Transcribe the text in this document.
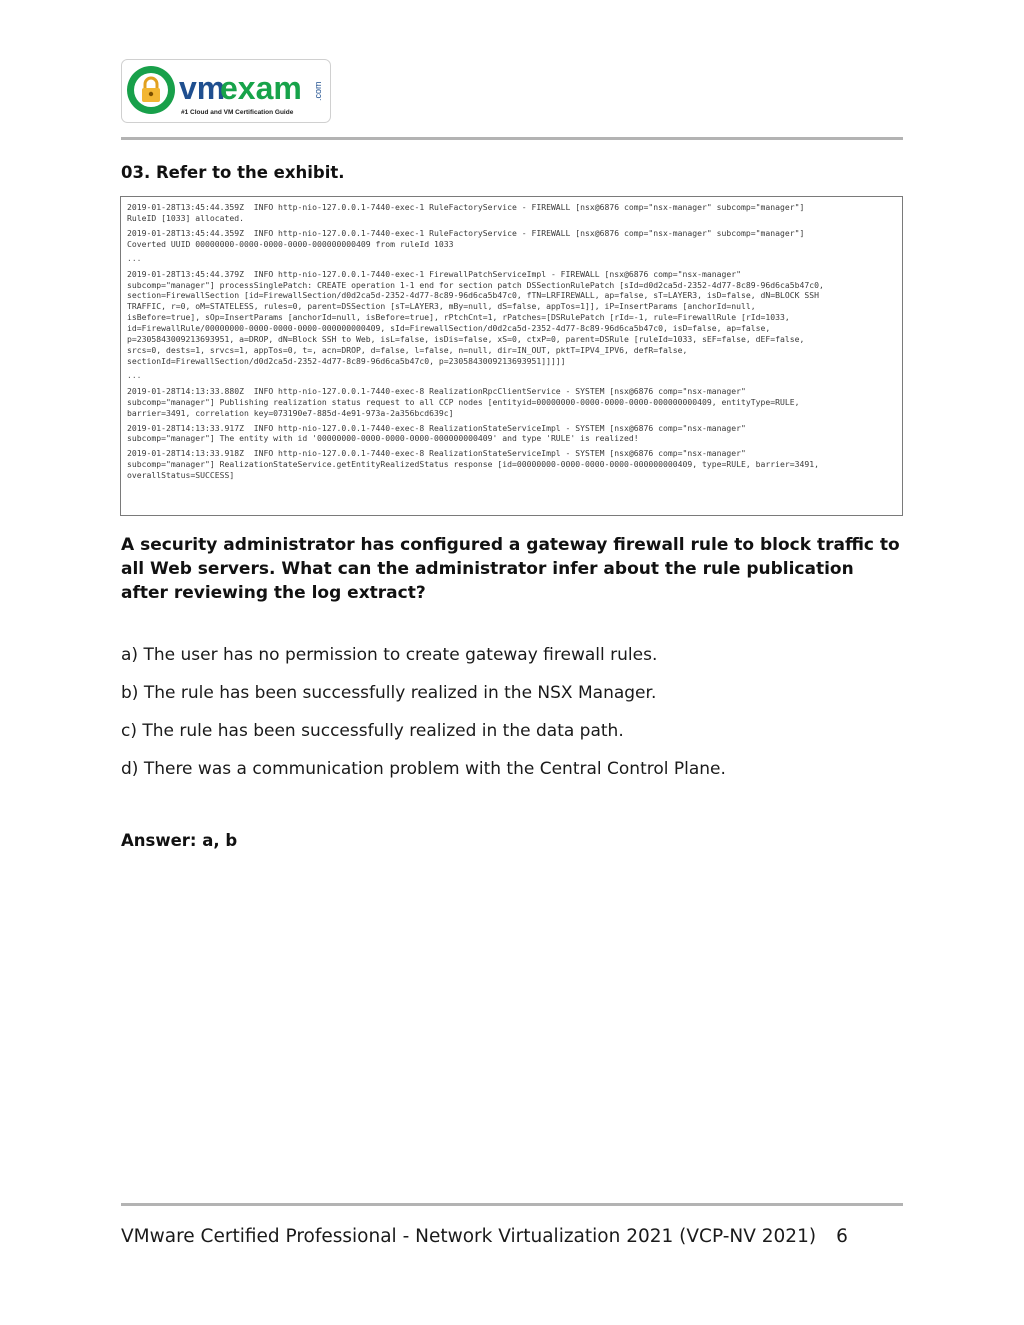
vm
exam .com
#1 Cloud and VM Certification Guide
03. Refer to the exhibit.
2019-01-28T13:45:44.359Z  INFO http-nio-127.0.0.1-7440-exec-1 RuleFactoryService - FIREWALL [nsx@6876 comp="nsx-manager" subcomp="manager"]
RuleID [1033] allocated.
2019-01-28T13:45:44.359Z  INFO http-nio-127.0.0.1-7440-exec-1 RuleFactoryService - FIREWALL [nsx@6876 comp="nsx-manager" subcomp="manager"]
Coverted UUID 00000000-0000-0000-0000-000000000409 from ruleId 1033
...
2019-01-28T13:45:44.379Z  INFO http-nio-127.0.0.1-7440-exec-1 FirewallPatchServiceImpl - FIREWALL [nsx@6876 comp="nsx-manager"
subcomp="manager"] processSinglePatch: CREATE operation 1-1 end for section patch DSSectionRulePatch [sId=d0d2ca5d-2352-4d77-8c89-96d6ca5b47c0,
section=FirewallSection [id=FirewallSection/d0d2ca5d-2352-4d77-8c89-96d6ca5b47c0, fTN=LRFIREWALL, ap=false, sT=LAYER3, isD=false, dN=BLOCK SSH
TRAFFIC, r=0, oM=STATELESS, rules=0, parent=DSSection [sT=LAYER3, mBy=null, dS=false, appTos=1]], iP=InsertParams [anchorId=null,
isBefore=true], sOp=InsertParams [anchorId=null, isBefore=true], rPtchCnt=1, rPatches=[DSRulePatch [rId=-1, rule=FirewallRule [rId=1033,
id=FirewallRule/00000000-0000-0000-0000-000000000409, sId=FirewallSection/d0d2ca5d-2352-4d77-8c89-96d6ca5b47c0, isD=false, ap=false,
p=2305843009213693951, a=DROP, dN=Block SSH to Web, isL=false, isDis=false, xS=0, ctxP=0, parent=DSRule [ruleId=1033, sEF=false, dEF=false,
srcs=0, dests=1, srvcs=1, appTos=0, t=, acn=DROP, d=false, l=false, n=null, dir=IN_OUT, pktT=IPV4_IPV6, defR=false,
sectionId=FirewallSection/d0d2ca5d-2352-4d77-8c89-96d6ca5b47c0, p=2305843009213693951]]]]]
...
2019-01-28T14:13:33.880Z  INFO http-nio-127.0.0.1-7440-exec-8 RealizationRpcClientService - SYSTEM [nsx@6876 comp="nsx-manager"
subcomp="manager"] Publishing realization status request to all CCP nodes [entityid=00000000-0000-0000-0000-000000000409, entityType=RULE,
barrier=3491, correlation key=073190e7-885d-4e91-973a-2a356bcd639c]
2019-01-28T14:13:33.917Z  INFO http-nio-127.0.0.1-7440-exec-8 RealizationStateServiceImpl - SYSTEM [nsx@6876 comp="nsx-manager"
subcomp="manager"] The entity with id '00000000-0000-0000-0000-000000000409' and type 'RULE' is realized!
2019-01-28T14:13:33.918Z  INFO http-nio-127.0.0.1-7440-exec-8 RealizationStateServiceImpl - SYSTEM [nsx@6876 comp="nsx-manager"
subcomp="manager"] RealizationStateService.getEntityRealizedStatus response [id=00000000-0000-0000-0000-000000000409, type=RULE, barrier=3491,
overallStatus=SUCCESS]
A security administrator has configured a gateway firewall rule to block traffic to all Web servers. What can the administrator infer about the rule publication after reviewing the log extract?
a) The user has no permission to create gateway firewall rules.
b) The rule has been successfully realized in the NSX Manager.
c) The rule has been successfully realized in the data path.
d) There was a communication problem with the Central Control Plane.
Answer: a, b
VMware Certified Professional - Network Virtualization 2021 (VCP-NV 2021) 6
